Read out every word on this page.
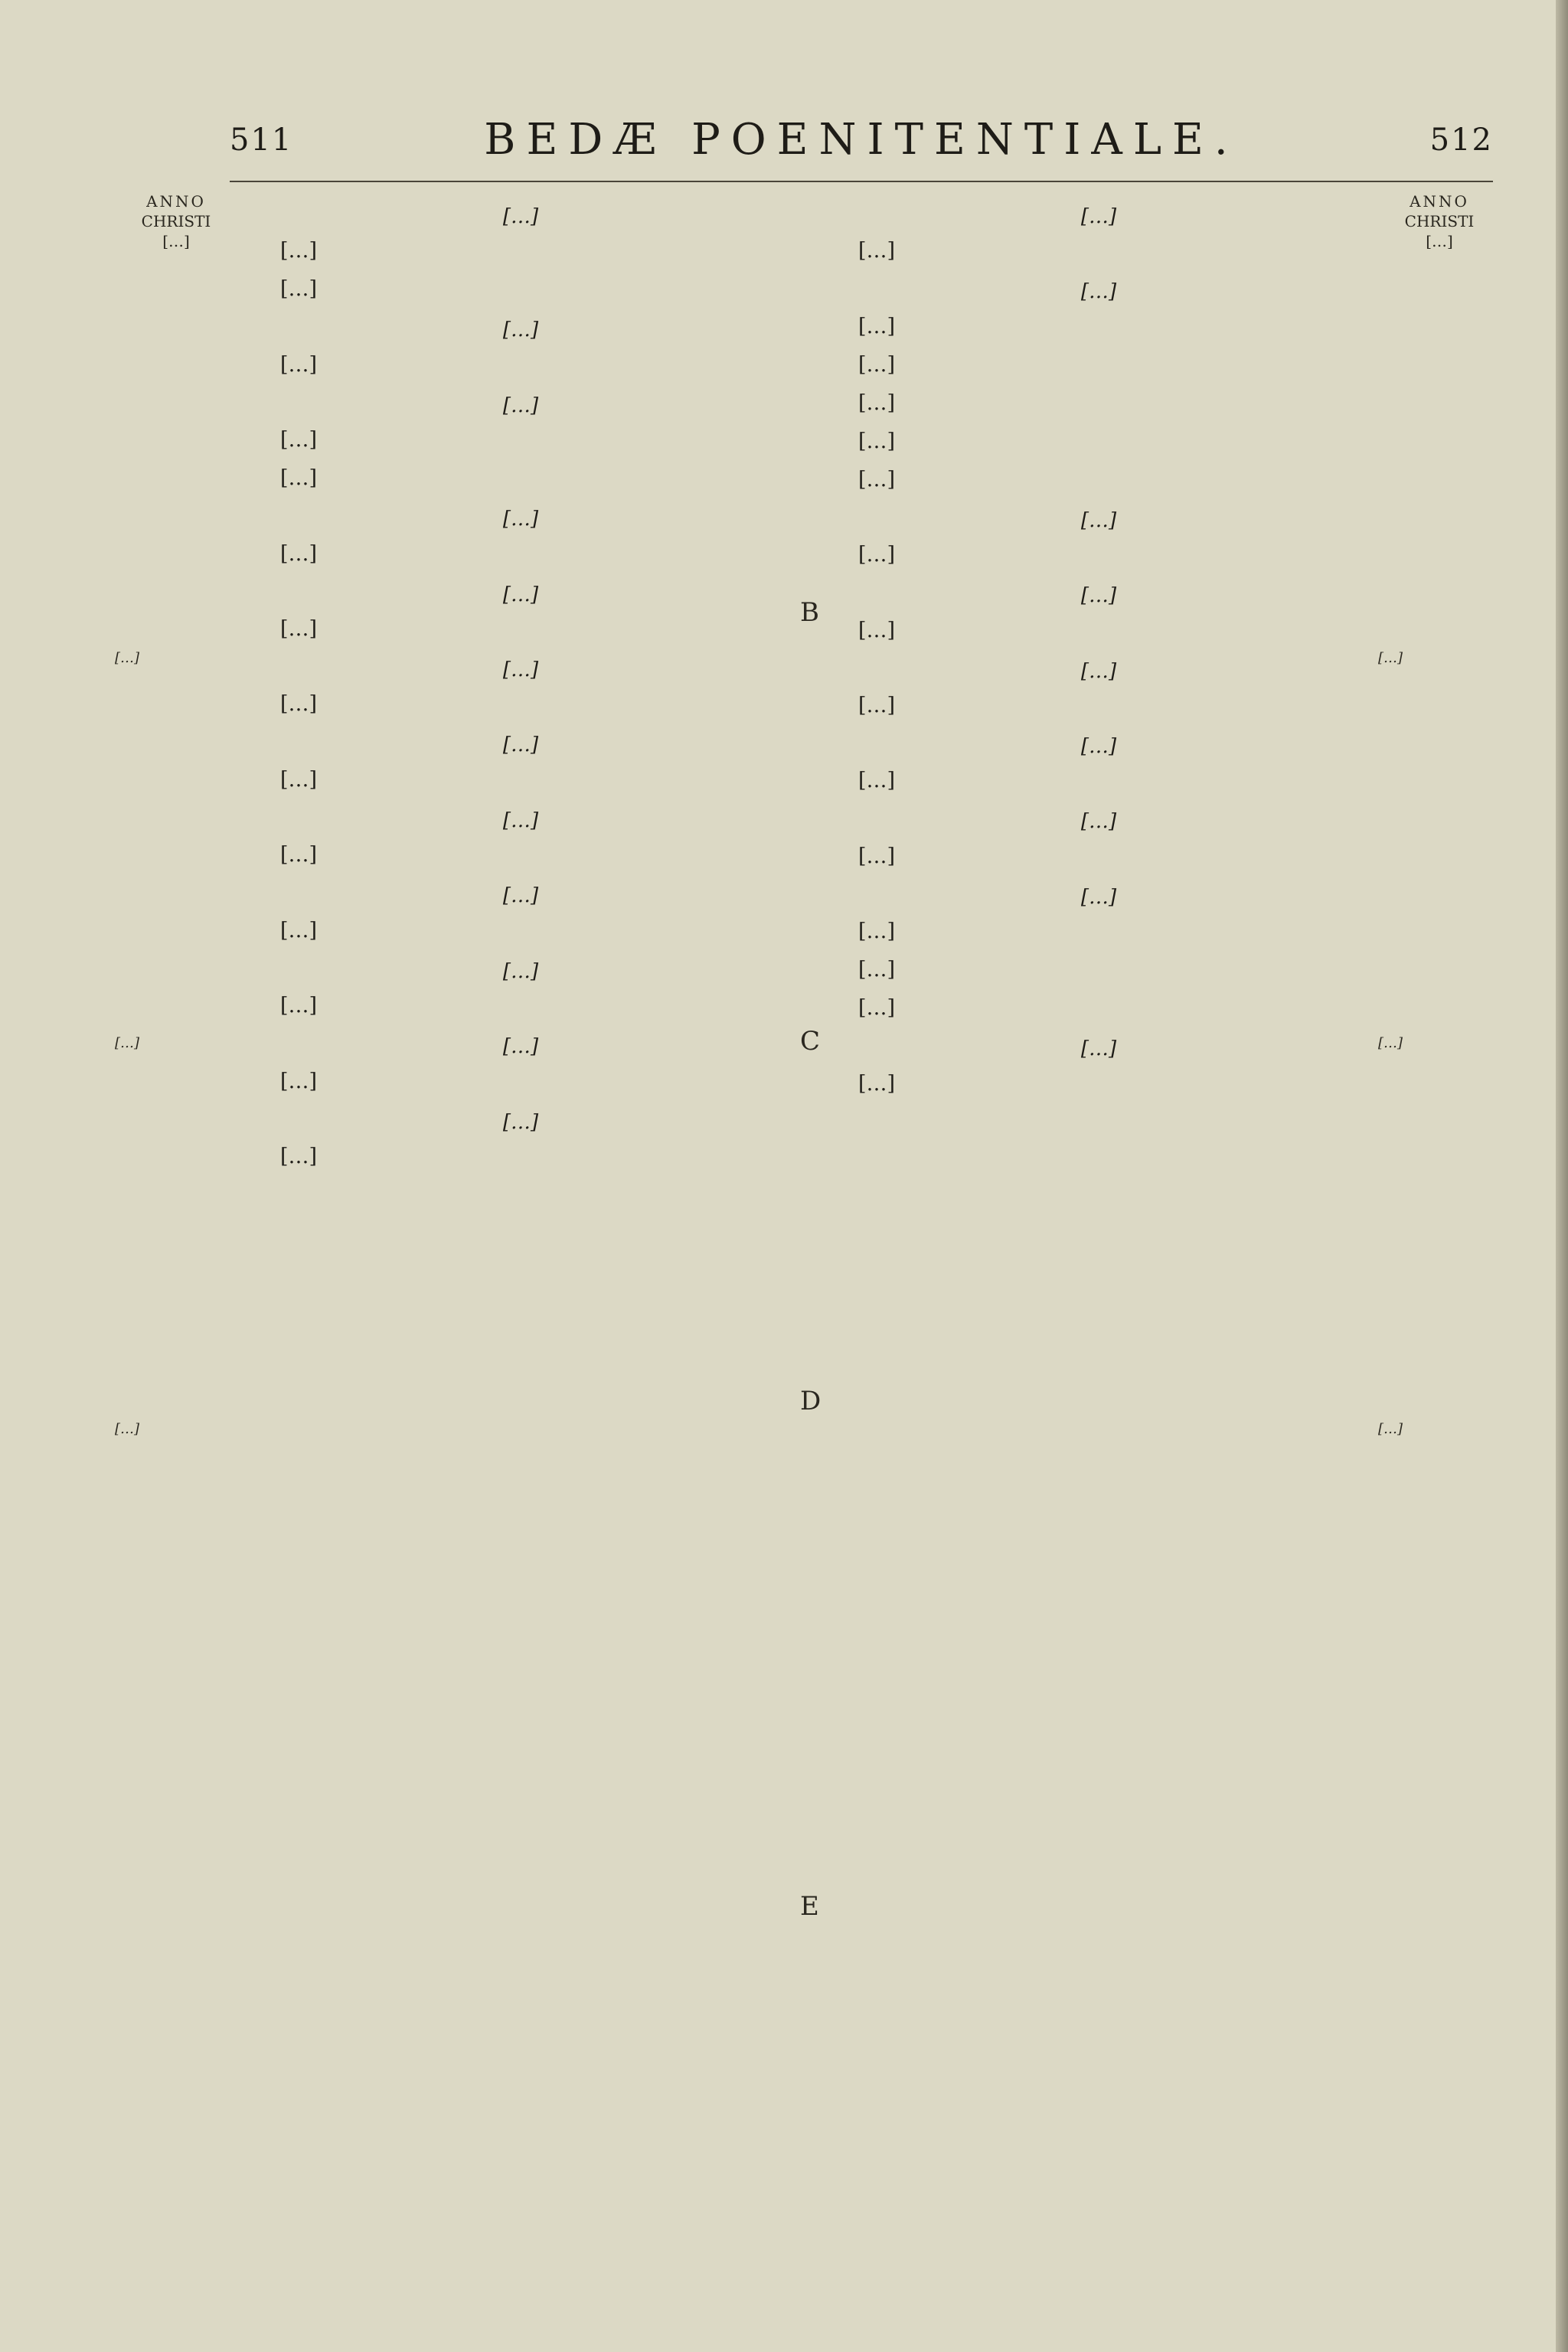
511	BEDÆ POENITENTIALE.	512
ANNO
CHRISTI
[…]
[…]
[…]
[…]
ANNO
CHRISTI
[…]
[…]
[…]
[…]
B
C
D
E
[…]

[…]

[…]

[…]

[…]

[…]

[…]

[…]

[…]

[…]

[…]

[…]

[…]

[…]

[…]

[…]

[…]

[…]

[…]

[…]

[…]

[…]

[…]

[…]

[…]

[…]

[…]

[…]

[…]

[…]

[…]

[…]

[…]

[…]

[…]

[…]

[…]

[…]

[…]

[…]

[…]

[…]

[…]

[…]

[…]

[…]

[…]

[…]

[…]

[…]
